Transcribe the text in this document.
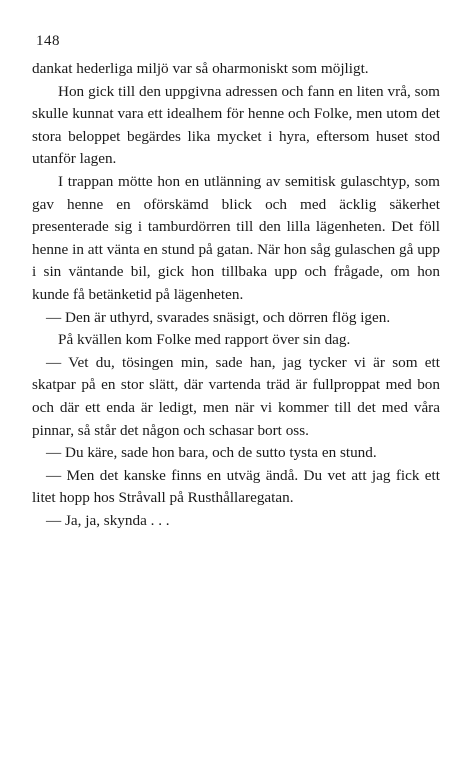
148

dankat hederliga miljö var så oharmoniskt som möjligt.

Hon gick till den uppgivna adressen och fann en liten vrå, som skulle kunnat vara ett idealhem för henne och Folke, men utom det stora beloppet begärdes lika mycket i hyra, eftersom huset stod utanför lagen.

I trappan mötte hon en utlänning av semitisk gulaschtyp, som gav henne en oförskämd blick och med äcklig säkerhet presenterade sig i tamburdörren till den lilla lägenheten. Det föll henne in att vänta en stund på gatan. När hon såg gulaschen gå upp i sin väntande bil, gick hon tillbaka upp och frågade, om hon kunde få betänketid på lägenheten.

— Den är uthyrd, svarades snäsigt, och dörren flög igen.

På kvällen kom Folke med rapport över sin dag.

— Vet du, tösingen min, sade han, jag tycker vi är som ett skatpar på en stor slätt, där vartenda träd är fullproppat med bon och där ett enda är ledigt, men när vi kommer till det med våra pinnar, så står det någon och schasar bort oss.

— Du käre, sade hon bara, och de sutto tysta en stund.

— Men det kanske finns en utväg ändå. Du vet att jag fick ett litet hopp hos Stråvall på Rusthållaregatan.

— Ja, ja, skynda . . .
